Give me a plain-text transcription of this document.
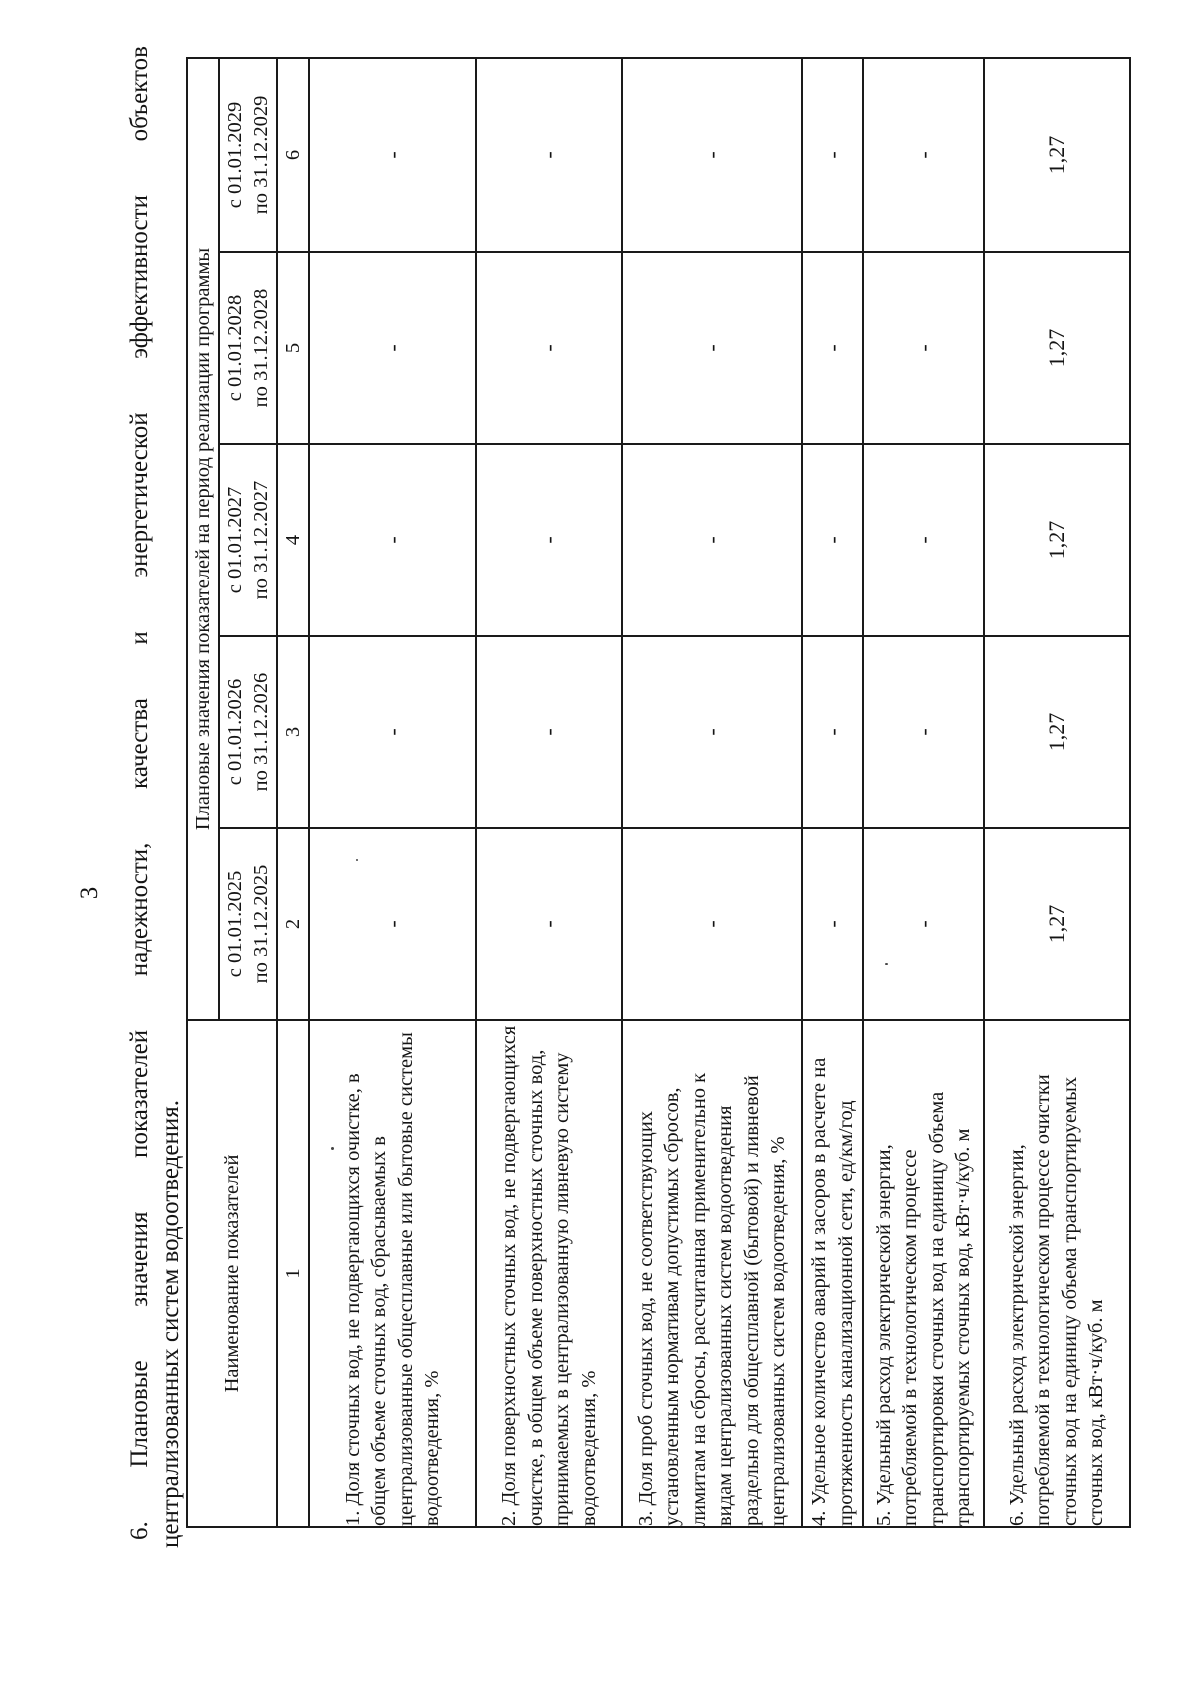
3
6.
Плановые
значения
показателей
надежности,
качества
и
энергетической
эффективности
объектов
централизованных систем водоотведения. Наименование показателей	Плановые значения показателей на период реализации программы				
	с 01.01.2025 по 31.12.2025	с 01.01.2026 по 31.12.2026	с 01.01.2027 по 31.12.2027	с 01.01.2028 по 31.12.2028	с 01.01.2029 по 31.12.2029
1	2	3	4	5	6
1. Доля сточных вод, не подвергающихся очистке, в общем объеме сточных вод, сбрасываемых в централизованные общесплавные или бытовые системы водоотведения, %	-	-	-	-	-
2. Доля поверхностных сточных вод, не подвергающихся очистке, в общем объеме поверхностных сточных вод, принимаемых в централизованную ливневую систему водоотведения, %	-	-	-	-	-
3. Доля проб сточных вод, не соответствующих установленным нормативам допустимых сбросов, лимитам на сбросы, рассчитанная применительно к видам централизованных систем водоотведения раздельно для общесплавной (бытовой) и ливневой централизованных систем водоотведения, %	-	-	-	-	-
4. Удельное количество аварий и засоров в расчете на протяженность канализационной сети, ед/км/год	-	-	-	-	-
5. Удельный расход электрической энергии, потребляемой в технологическом процессе транспортировки сточных вод на единицу объема транспортируемых сточных вод, кВт·ч/куб. м	-	-	-	-	-
6. Удельный расход электрической энергии, потребляемой в технологическом процессе очистки сточных вод на единицу объема транспортируемых сточных вод, кВт·ч/куб. м	1,27	1,27	1,27	1,27	1,27
